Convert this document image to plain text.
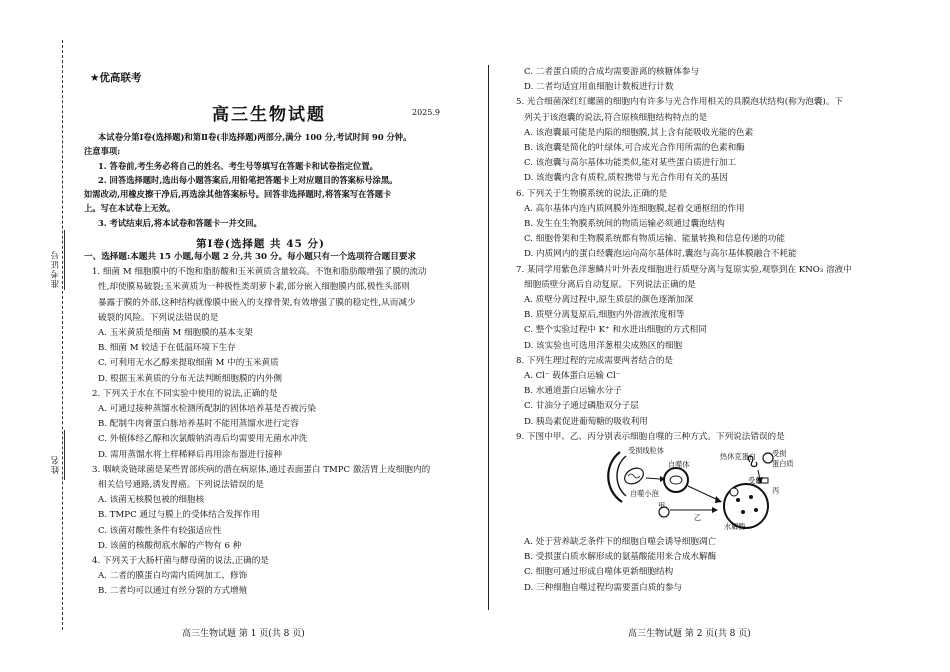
准考证号
姓名
★优高联考
高三生物试题	2025.9
本试卷分第Ⅰ卷(选择题)和第Ⅱ卷(非选择题)两部分,满分 100 分,考试时间 90 分钟。
注意事项:
1. 答卷前,考生务必将自己的姓名、考生号等填写在答题卡和试卷指定位置。
2. 回答选择题时,选出每小题答案后,用铅笔把答题卡上对应题目的答案标号涂黑。
如需改动,用橡皮擦干净后,再选涂其他答案标号。回答非选择题时,将答案写在答题卡
上。写在本试卷上无效。
3. 考试结束后,将本试卷和答题卡一并交回。
第Ⅰ卷(选择题 共 45 分)
一、选择题:本题共 15 小题,每小题 2 分,共 30 分。每小题只有一个选项符合题目要求
1. 细菌 M 细胞膜中的不饱和脂肪酸和玉米黄质含量较高。不饱和脂肪酸增强了膜的流动
性,却使膜易破裂;玉米黄质为一种极性类胡萝卜素,部分嵌入细胞膜内部,极性头部则
暴露于膜的外部,这种结构就像膜中嵌入的支撑骨架,有效增强了膜的稳定性,从而减少
破裂的风险。下列说法错误的是
A. 玉米黄质是细菌 M 细胞膜的基本支架
B. 细菌 M 较适于在低温环境下生存
C. 可利用无水乙醇来提取细菌 M 中的玉米黄质
D. 根据玉米黄质的分布无法判断细胞膜的内外侧
2. 下列关于水在不同实验中使用的说法,正确的是
A. 可通过接种蒸馏水检测所配制的固体培养基是否被污染
B. 配制牛肉膏蛋白胨培养基时不能用蒸馏水进行定容
C. 外植体经乙醇和次氯酸钠消毒后均需要用无菌水冲洗
D. 需用蒸馏水将土样稀释后再用涂布器进行接种
3. 咽峡炎链球菌是某些胃部疾病的潜在病原体,通过表面蛋白 TMPC 激活胃上皮细胞内的
相关信号通路,诱发胃癌。下列说法错误的是
A. 该菌无核膜包被的细胞核
B. TMPC 通过与膜上的受体结合发挥作用
C. 该菌对酸性条件有较强适应性
D. 该菌的核酸彻底水解的产物有 6 种
4. 下列关于大肠杆菌与酵母菌的说法,正确的是
A. 二者的膜蛋白均需内质网加工、修饰
B. 二者均可以通过有丝分裂的方式增殖
高三生物试题 第 1 页(共 8 页)
C. 二者蛋白质的合成均需要游离的核糖体参与
D. 二者均适宜用血细胞计数板进行计数
5. 光合细菌深红红螺菌的细胞内有许多与光合作用相关的具膜泡状结构(称为泡囊)。下
列关于该泡囊的说法,符合原核细胞结构特点的是
A. 该泡囊最可能是内陷的细胞膜,其上含有能吸收光能的色素
B. 该泡囊是简化的叶绿体,可合成光合作用所需的色素和酶
C. 该泡囊与高尔基体功能类似,能对某些蛋白质进行加工
D. 该泡囊内含有质粒,质粒携带与光合作用有关的基因
6. 下列关于生物膜系统的说法,正确的是
A. 高尔基体内连内质网膜外连细胞膜,起着交通枢纽的作用
B. 发生在生物膜系统间的物质运输必须通过囊泡结构
C. 细胞骨架和生物膜系统都有物质运输、能量转换和信息传递的功能
D. 内质网内的蛋白经囊泡运向高尔基体时,囊泡与高尔基体膜融合不耗能
7. 某同学用紫色洋葱鳞片叶外表皮细胞进行质壁分离与复原实验,观察到在 KNO₃ 溶液中
细胞质壁分离后自动复原。下列说法正确的是
A. 质壁分离过程中,原生质层的颜色逐渐加深
B. 质壁分离复原后,细胞内外溶液浓度相等
C. 整个实验过程中 K⁺ 和水进出细胞的方式相同
D. 该实验也可选用洋葱根尖成熟区的细胞
8. 下列生理过程的完成需要两者结合的是
A. Cl⁻ 载体蛋白运输 Cl⁻
B. 水通道蛋白运输水分子
C. 甘油分子通过磷脂双分子层
D. 胰岛素促进葡萄糖的吸收利用
9. 下图中甲、乙、丙分别表示细胞自噬的三种方式。下列说法错误的是
受损线粒体
自噬体
自噬小泡
甲
热休克蛋白 受损
蛋白质
受体
丙
乙
水解酶
A. 处于营养缺乏条件下的细胞自噬会诱导细胞凋亡
B. 受损蛋白质水解形成的氨基酸能用来合成水解酶
C. 细胞可通过形成自噬体更新细胞结构
D. 三种细胞自噬过程均需要蛋白质的参与
高三生物试题 第 2 页(共 8 页)
